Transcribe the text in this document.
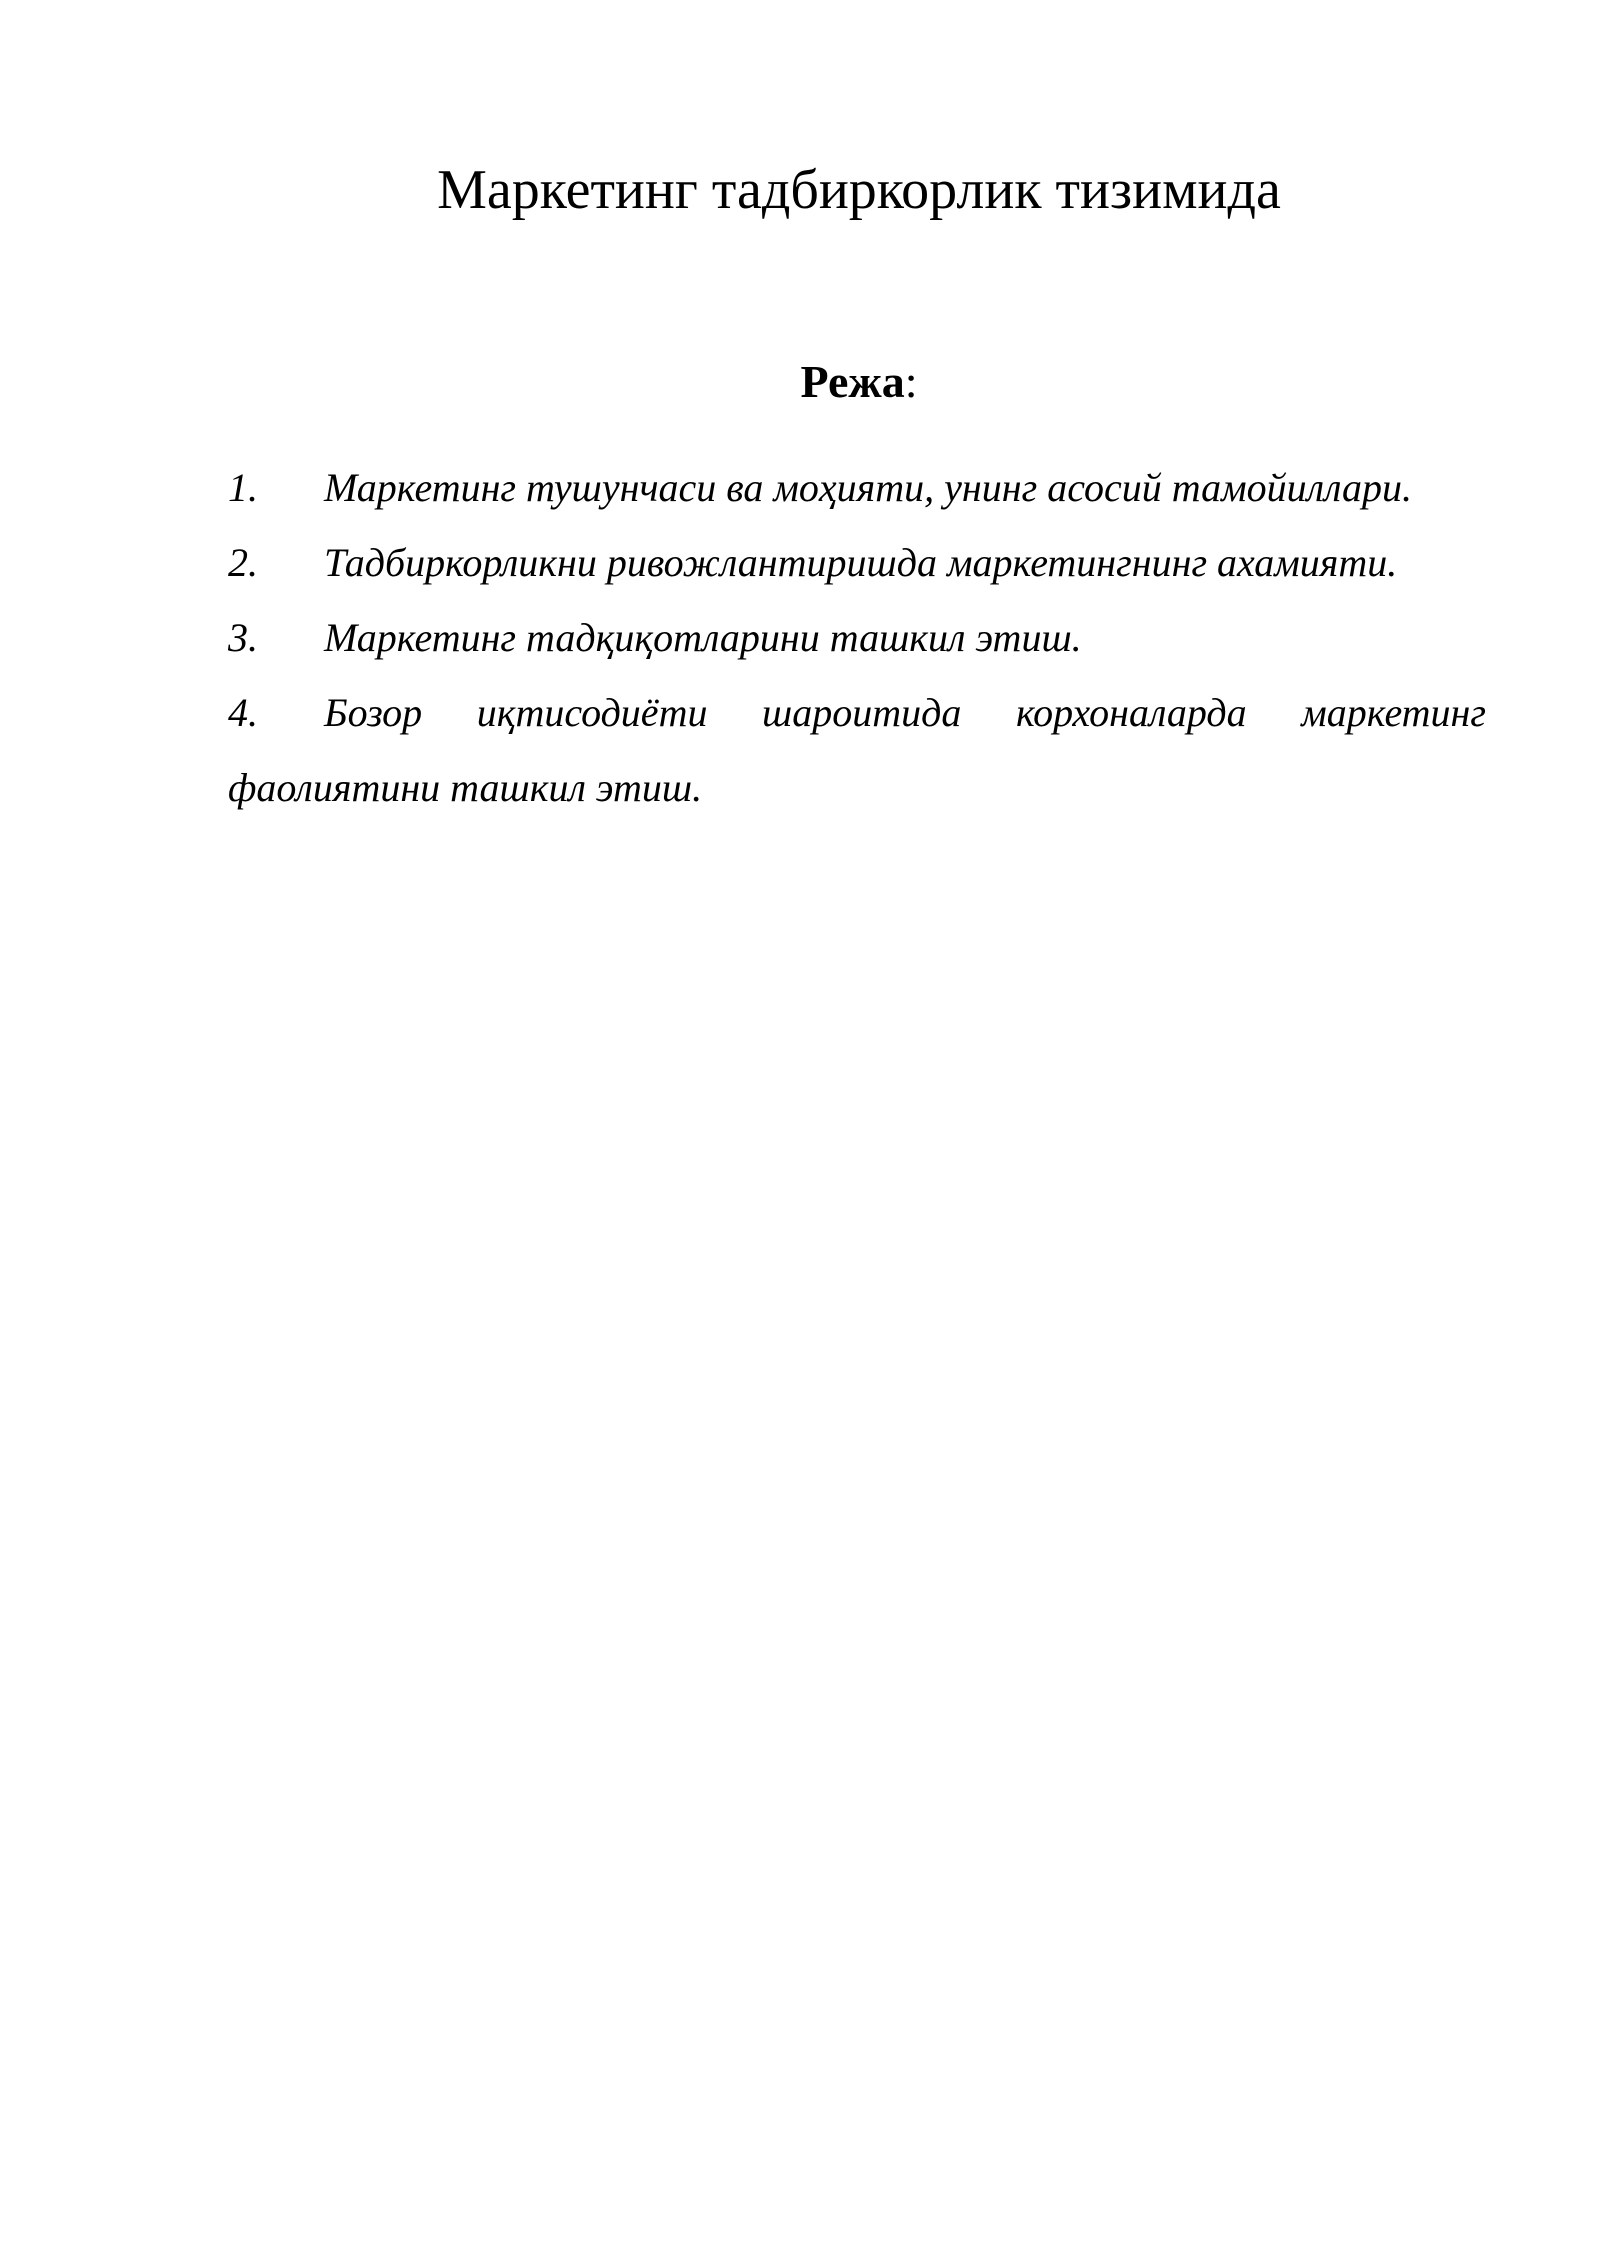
Маркетинг тадбиркорлик тизимида
Режа:
1. Маркетинг тушунчаси ва моҳияти, унинг асосий тамойиллари.
2. Тадбиркорликни ривожлантиришда маркетингнинг ахамияти.
3. Маркетинг тадқиқотларини ташкил этиш.
4. Бозор иқтисодиёти шароитида корхоналарда маркетинг фаолиятини ташкил этиш.
